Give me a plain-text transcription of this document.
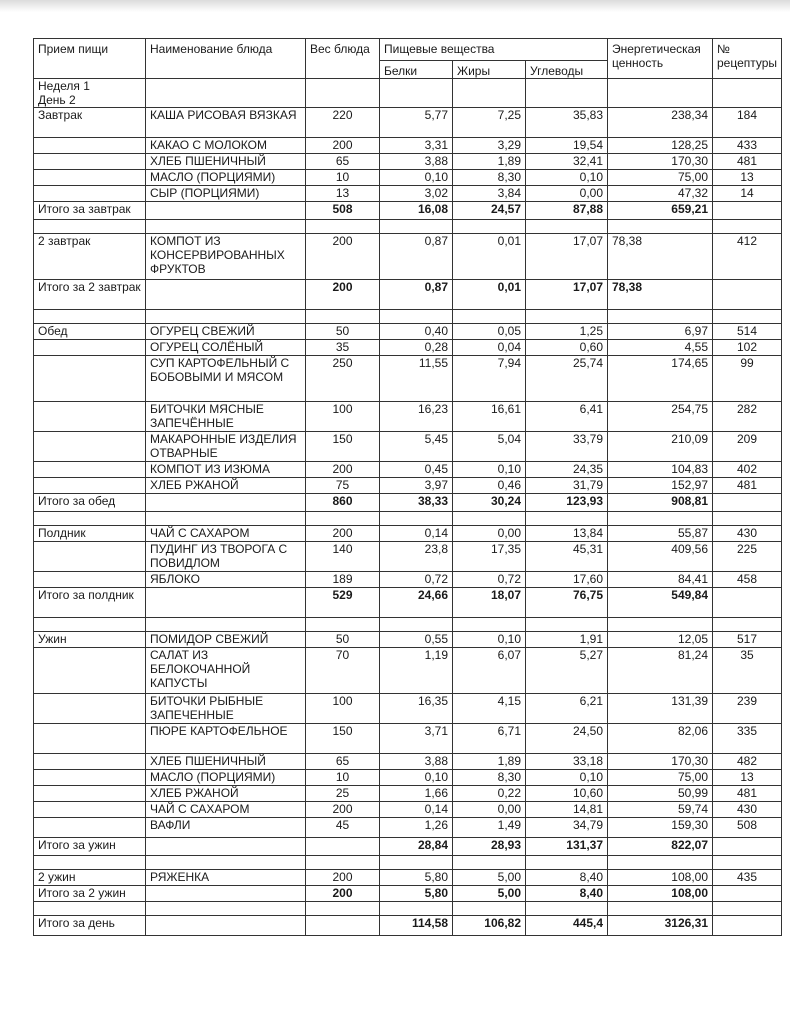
Прием пищи	Наименование блюда	Вес блюда	Пищевые вещества			Энергетическая ценность	№ рецептуры
			Белки	Жиры	Углеводы		
Неделя 1
День 2							
Завтрак	КАША РИСОВАЯ ВЯЗКАЯ	220	5,77	7,25	35,83	238,34	184
	КАКАО С МОЛОКОМ	200	3,31	3,29	19,54	128,25	433
	ХЛЕБ ПШЕНИЧНЫЙ	65	3,88	1,89	32,41	170,30	481
	МАСЛО (ПОРЦИЯМИ)	10	0,10	8,30	0,10	75,00	13
	СЫР (ПОРЦИЯМИ)	13	3,02	3,84	0,00	47,32	14
Итого за завтрак		508	16,08	24,57	87,88	659,21	

2 завтрак	КОМПОТ ИЗ КОНСЕРВИРОВАННЫХ ФРУКТОВ	200	0,87	0,01	17,07	78,38	412
Итого за 2 завтрак		200	0,87	0,01	17,07	78,38	

Обед	ОГУРЕЦ СВЕЖИЙ	50	0,40	0,05	1,25	6,97	514
	ОГУРЕЦ СОЛЁНЫЙ	35	0,28	0,04	0,60	4,55	102
	СУП КАРТОФЕЛЬНЫЙ С БОБОВЫМИ И МЯСОМ	250	11,55	7,94	25,74	174,65	99
	БИТОЧКИ МЯСНЫЕ ЗАПЕЧЁННЫЕ	100	16,23	16,61	6,41	254,75	282
	МАКАРОННЫЕ ИЗДЕЛИЯ ОТВАРНЫЕ	150	5,45	5,04	33,79	210,09	209
	КОМПОТ ИЗ ИЗЮМА	200	0,45	0,10	24,35	104,83	402
	ХЛЕБ РЖАНОЙ	75	3,97	0,46	31,79	152,97	481
Итого за обед		860	38,33	30,24	123,93	908,81	

Полдник	ЧАЙ С САХАРОМ	200	0,14	0,00	13,84	55,87	430
	ПУДИНГ ИЗ ТВОРОГА С ПОВИДЛОМ	140	23,8	17,35	45,31	409,56	225
	ЯБЛОКО	189	0,72	0,72	17,60	84,41	458
Итого за полдник		529	24,66	18,07	76,75	549,84	

Ужин	ПОМИДОР СВЕЖИЙ	50	0,55	0,10	1,91	12,05	517
	САЛАТ ИЗ БЕЛОКОЧАННОЙ КАПУСТЫ	70	1,19	6,07	5,27	81,24	35
	БИТОЧКИ РЫБНЫЕ ЗАПЕЧЕННЫЕ	100	16,35	4,15	6,21	131,39	239
	ПЮРЕ КАРТОФЕЛЬНОЕ	150	3,71	6,71	24,50	82,06	335
	ХЛЕБ ПШЕНИЧНЫЙ	65	3,88	1,89	33,18	170,30	482
	МАСЛО (ПОРЦИЯМИ)	10	0,10	8,30	0,10	75,00	13
	ХЛЕБ РЖАНОЙ	25	1,66	0,22	10,60	50,99	481
	ЧАЙ С САХАРОМ	200	0,14	0,00	14,81	59,74	430
	ВАФЛИ	45	1,26	1,49	34,79	159,30	508
Итого за ужин			28,84	28,93	131,37	822,07	

2 ужин	РЯЖЕНКА	200	5,80	5,00	8,40	108,00	435
Итого за 2 ужин		200	5,80	5,00	8,40	108,00	

Итого за день			114,58	106,82	445,4	3126,31	
